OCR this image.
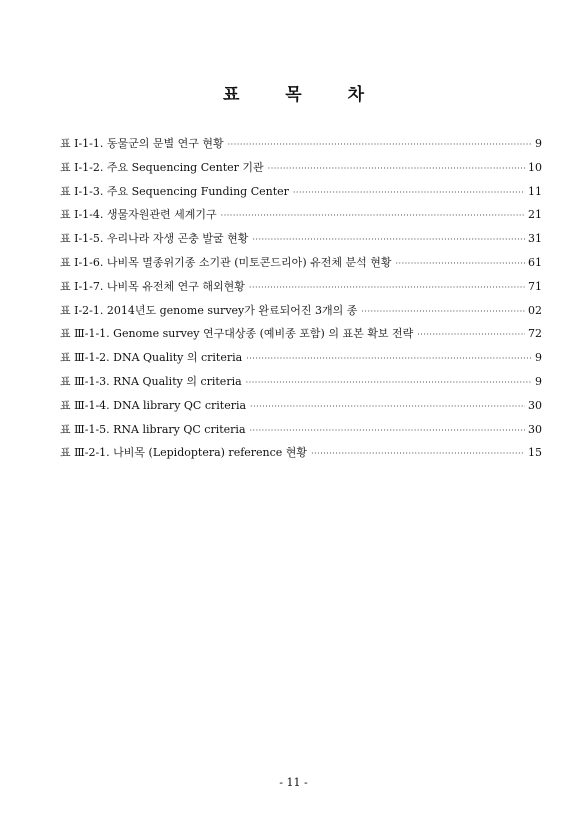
표 목 차
표 Ⅰ-1-1. 동물군의 문별 연구 현황 ·····	9
표 Ⅰ-1-2. 주요 Sequencing Center 기관 ·····	10
표 Ⅰ-1-3. 주요 Sequencing Funding Center ·····	11
표 Ⅰ-1-4. 생물자원관련 세계기구 ·····	21
표 Ⅰ-1-5. 우리나라 자생 곤충 발굴 현황 ·····	31
표 Ⅰ-1-6. 나비목 멸종위기종 소기관 (미토콘드리아) 유전체 분석 현황 ·····	61
표 Ⅰ-1-7. 나비목 유전체 연구 해외현황 ·····	71
표 Ⅰ-2-1. 2014년도 genome survey가 완료되어진 3개의 종 ·····	02
표 Ⅲ-1-1. Genome survey 연구대상종 (예비종 포함) 의 표본 확보 전략 ·····	72
표 Ⅲ-1-2. DNA Quality 의 criteria ·····	9
표 Ⅲ-1-3. RNA Quality 의 criteria ·····	9
표 Ⅲ-1-4. DNA library QC criteria ·····	30
표 Ⅲ-1-5. RNA library QC criteria ·····	30
표 Ⅲ-2-1. 나비목 (Lepidoptera) reference 현황 ·····	15
- 11 -
